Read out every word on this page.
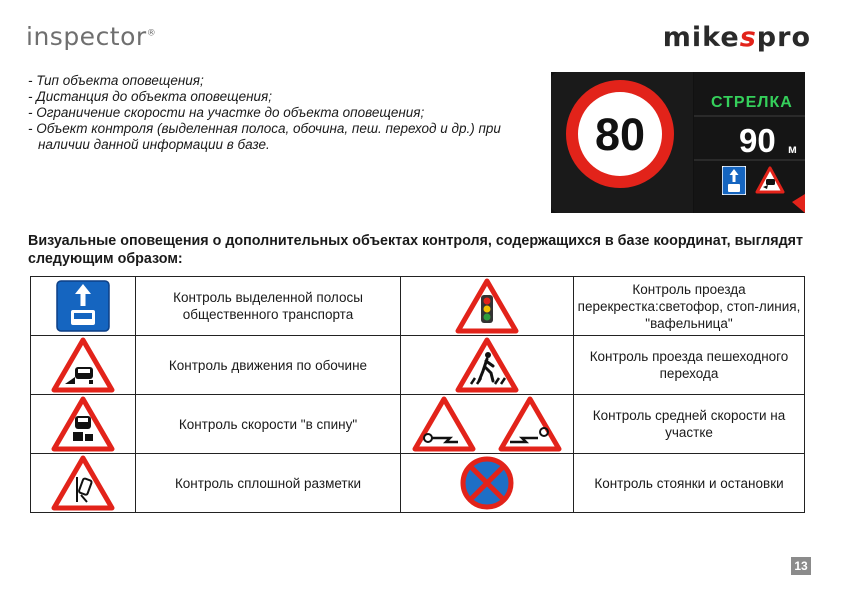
inspector®	mikespro
- Тип объекта оповещения;
- Дистанция до объекта оповещения;
- Ограничение скорости на участке до объекта оповещения;
- Объект контроля (выделенная полоса, обочина, пеш. переход и др.) при наличии данной информации в базе.	80
СТРЕЛКА
90 м
Визуальные оповещения о дополнительных объектах контроля, содержащихся в базе координат, выглядят следующим образом:
	Контроль выделенной полосы общественного транспорта		Контроль проезда перекрестка:светофор, стоп-линия, "вафельница"

	Контроль движения по обочине		Контроль проезда пешеходного перехода

	Контроль скорости "в спину"		Контроль средней скорости на участке

	Контроль сплошной разметки		Контроль стоянки и остановки
13
